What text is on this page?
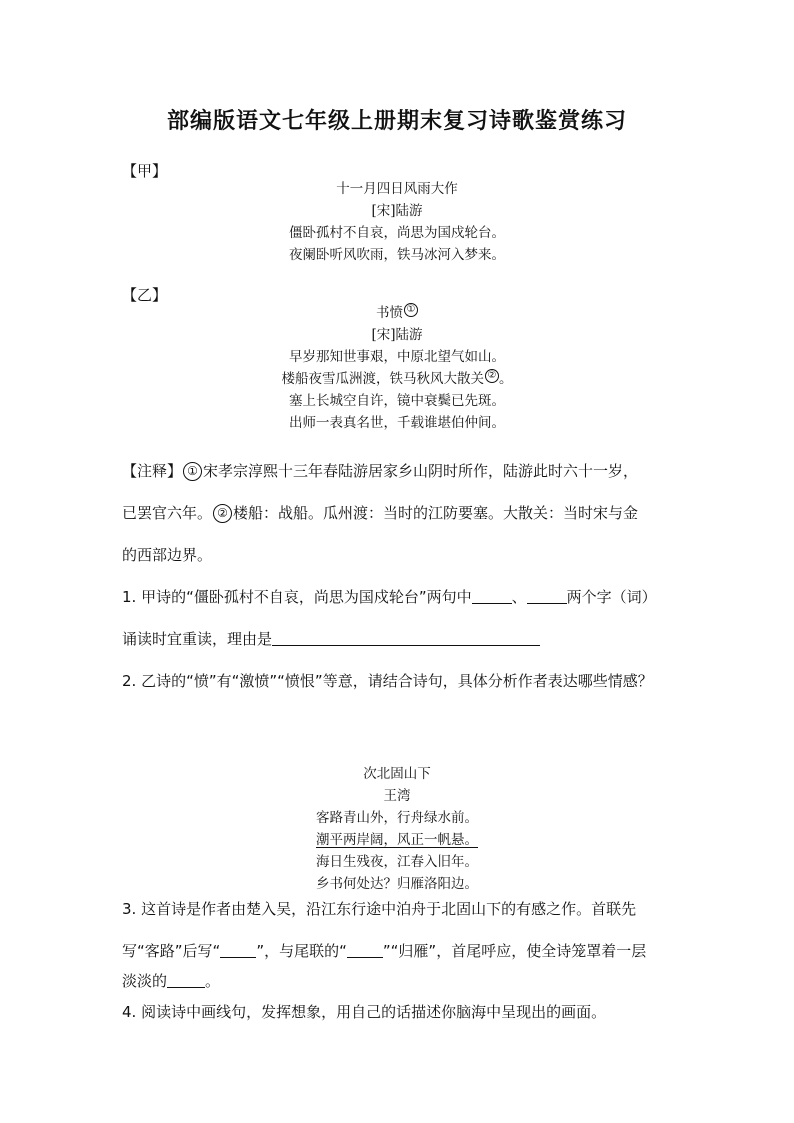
部编版语文七年级上册期末复习诗歌鉴赏练习
【甲】
十一月四日风雨大作
[宋]陆游
僵卧孤村不自哀，尚思为国戍轮台。
夜阑卧听风吹雨，铁马冰河入梦来。
【乙】
书愤 ①
[宋]陆游
早岁那知世事艰，中原北望气如山。
楼船夜雪瓜洲渡，铁马秋风大散关 ② 。
塞上长城空自许，镜中衰鬓已先斑。
出师一表真名世，千载谁堪伯仲间。
【注释】 ① 宋孝宗淳熙十三年春陆游居家乡山阴时所作，陆游此时六十一岁，
已罢官六年。 ② 楼船：战船。瓜州渡：当时的江防要塞。大散关：当时宋与金
的西部边界。
1. 甲诗的“僵卧孤村不自哀，尚思为国戍轮台”两句中	、	两个字（词）
诵读时宜重读，理由是
2. 乙诗的“愤”有“激愤”“愤恨”等意，请结合诗句，具体分析作者表达哪些情感？
次北固山下
王湾
客路青山外，行舟绿水前。
潮平两岸阔，风正一帆悬。
海日生残夜，江春入旧年。
乡书何处达？归雁洛阳边。
3. 这首诗是作者由楚入吴，沿江东行途中泊舟于北固山下的有感之作。首联先
写“客路”后写“ ”，与尾联的“ ”“归雁”，首尾呼应，使全诗笼罩着一层
淡淡的	。
4. 阅读诗中画线句，发挥想象，用自己的话描述你脑海中呈现出的画面。
